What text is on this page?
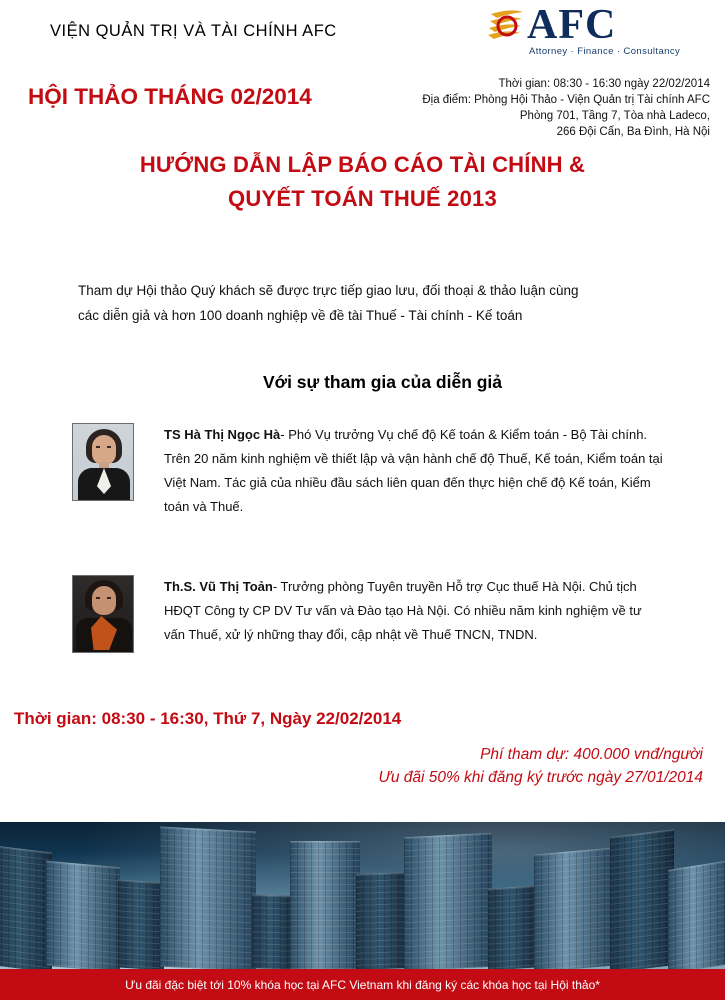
VIỆN QUẢN TRỊ VÀ TÀI CHÍNH AFC	AFC
Attorney · Finance · Consultancy
HỘI THẢO THÁNG 02/2014	Thời gian: 08:30 - 16:30 ngày 22/02/2014
Địa điểm: Phòng Hội Thảo - Viện Quản trị Tài chính AFC
Phòng 701, Tầng 7, Tòa nhà Ladeco,
266 Đội Cấn, Ba Đình, Hà Nội
HƯỚNG DẪN LẬP BÁO CÁO TÀI CHÍNH &
QUYẾT TOÁN THUẾ 2013
Tham dự Hội thảo Quý khách sẽ được trực tiếp giao lưu, đối thoại & thảo luận cùng
các diễn giả và hơn 100 doanh nghiệp về đề tài Thuế - Tài chính - Kế toán
Với sự tham gia của diễn giả
TS Hà Thị Ngọc Hà- Phó Vụ trưởng Vụ chế độ Kế toán & Kiểm toán - Bộ Tài chính. Trên 20 năm kinh nghiệm về thiết lập và vận hành chế độ Thuế, Kế toán, Kiểm toán tại Việt Nam. Tác giả của nhiều đầu sách liên quan đến thực hiện chế độ Kế toán, Kiểm toán và Thuế.
Th.S. Vũ Thị Toản- Trưởng phòng Tuyên truyền Hỗ trợ Cục thuế Hà Nội. Chủ tịch HĐQT Công ty CP DV Tư vấn và Đào tạo Hà Nội. Có nhiều năm kinh nghiệm về tư vấn Thuế, xử lý những thay đổi, cập nhật về Thuế TNCN, TNDN.
Thời gian: 08:30 - 16:30, Thứ 7, Ngày 22/02/2014
Phí tham dự: 400.000 vnđ/người
Ưu đãi 50% khi đăng ký trước ngày 27/01/2014
Ưu đãi đặc biệt tới 10% khóa học tại AFC Vietnam khi đăng ký các khóa học tại Hội thảo*
